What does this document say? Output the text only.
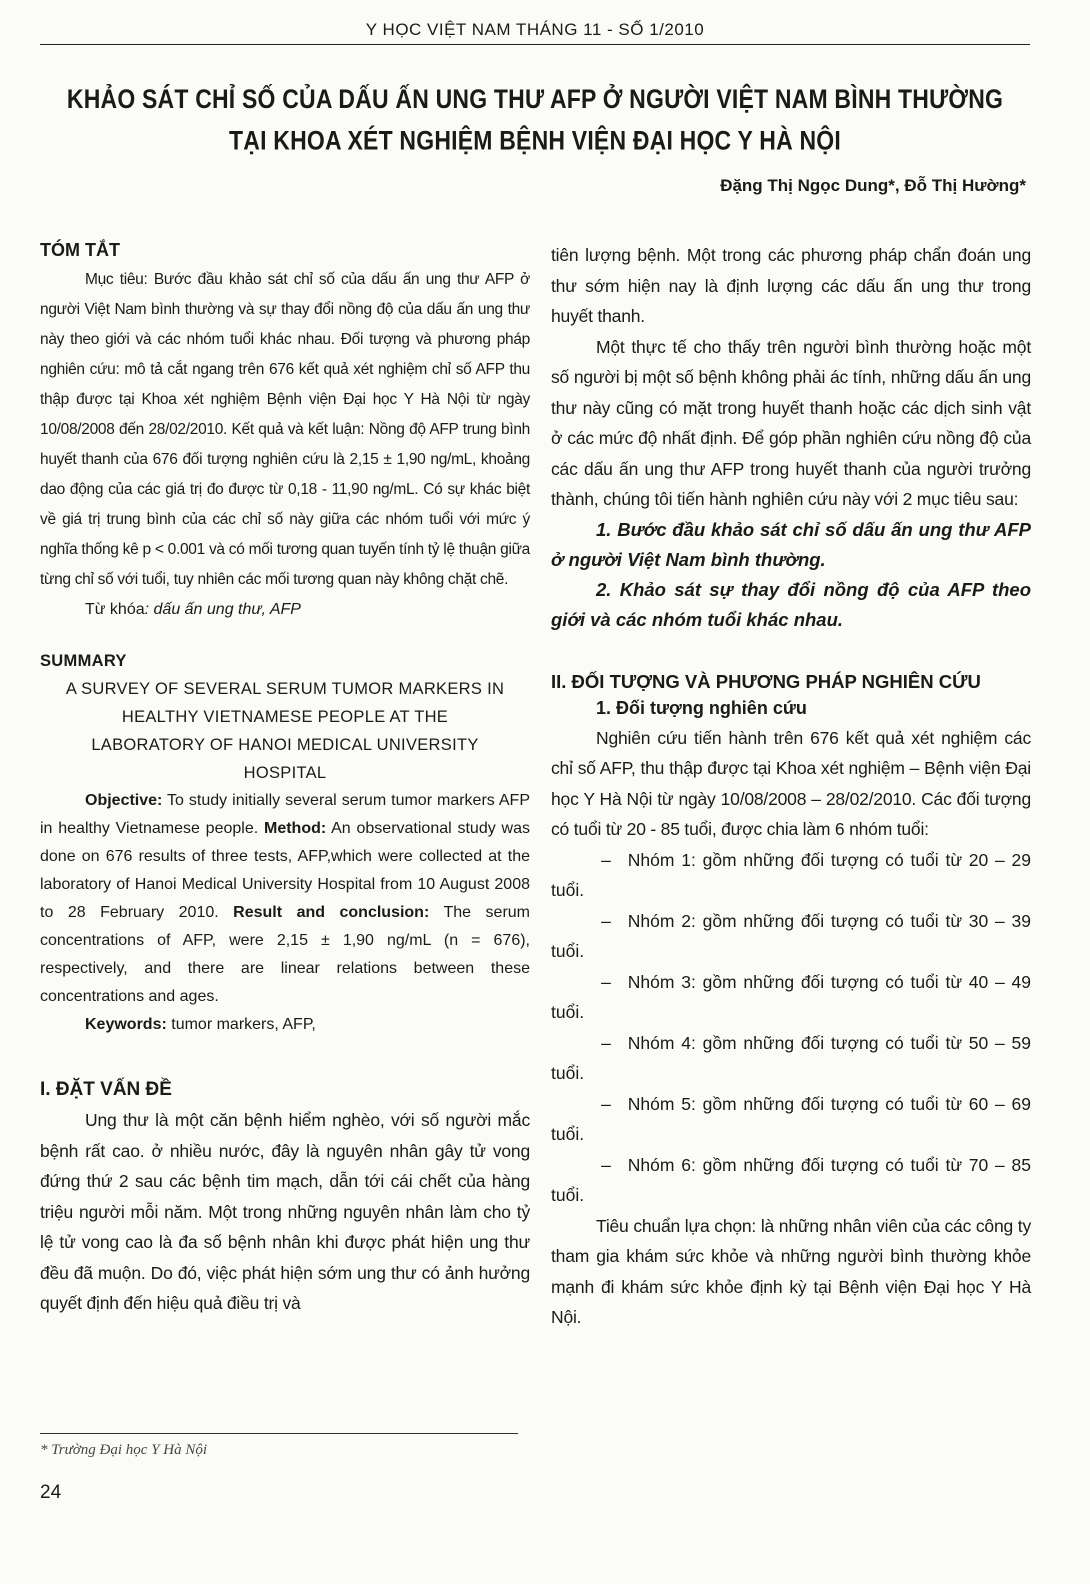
Y HỌC VIỆT NAM THÁNG 11 - SỐ 1/2010
KHẢO SÁT CHỈ SỐ CỦA DẤU ẤN UNG THƯ AFP Ở NGƯỜI VIỆT NAM BÌNH THƯỜNG
TẠI KHOA XÉT NGHIỆM BỆNH VIỆN ĐẠI HỌC Y HÀ NỘI
Đặng Thị Ngọc Dung*, Đỗ Thị Hường*

TÓM TẮT

Mục tiêu: Bước đầu khảo sát chỉ số của dấu ấn ung thư AFP ở người Việt Nam bình thường và sự thay đổi nồng độ của dấu ấn ung thư này theo giới và các nhóm tuổi khác nhau. Đối tượng và phương pháp nghiên cứu: mô tả cắt ngang trên 676 kết quả xét nghiệm chỉ số AFP thu thập được tại Khoa xét nghiệm Bệnh viện Đại học Y Hà Nội từ ngày 10/08/2008 đến 28/02/2010. Kết quả và kết luận: Nồng độ AFP trung bình huyết thanh của 676 đối tượng nghiên cứu là 2,15 ± 1,90 ng/mL, khoảng dao động của các giá trị đo được từ 0,18 - 11,90 ng/mL. Có sự khác biệt về giá trị trung bình của các chỉ số này giữa các nhóm tuổi với mức ý nghĩa thống kê p < 0.001 và có mối tương quan tuyến tính tỷ lệ thuận giữa từng chỉ số với tuổi, tuy nhiên các mối tương quan này không chặt chẽ.

Từ khóa: dấu ấn ung thư, AFP

SUMMARY

A SURVEY OF SEVERAL SERUM TUMOR MARKERS IN

HEALTHY VIETNAMESE PEOPLE AT THE

LABORATORY OF HANOI MEDICAL UNIVERSITY

HOSPITAL

Objective: To study initially several serum tumor markers AFP in healthy Vietnamese people. Method: An observational study was done on 676 results of three tests, AFP,which were collected at the laboratory of Hanoi Medical University Hospital from 10 August 2008 to 28 February 2010. Result and conclusion: The serum concentrations of AFP, were 2,15 ± 1,90 ng/mL (n = 676), respectively, and there are linear relations between these concentrations and ages.

Keywords: tumor markers, AFP,

I. ĐẶT VẤN ĐỀ

Ung thư là một căn bệnh hiểm nghèo, với số người mắc bệnh rất cao. ở nhiều nước, đây là nguyên nhân gây tử vong đứng thứ 2 sau các bệnh tim mạch, dẫn tới cái chết của hàng triệu người mỗi năm. Một trong những nguyên nhân làm cho tỷ lệ tử vong cao là đa số bệnh nhân khi được phát hiện ung thư đều đã muộn. Do đó, việc phát hiện sớm ung thư có ảnh hưởng quyết định đến hiệu quả điều trị và

tiên lượng bệnh. Một trong các phương pháp chẩn đoán ung thư sớm hiện nay là định lượng các dấu ấn ung thư trong huyết thanh.

Một thực tế cho thấy trên người bình thường hoặc một số người bị một số bệnh không phải ác tính, những dấu ấn ung thư này cũng có mặt trong huyết thanh hoặc các dịch sinh vật ở các mức độ nhất định. Để góp phần nghiên cứu nồng độ của các dấu ấn ung thư AFP trong huyết thanh của người trưởng thành, chúng tôi tiến hành nghiên cứu này với 2 mục tiêu sau:

1. Bước đầu khảo sát chỉ số dấu ấn ung thư AFP ở người Việt Nam bình thường.

2. Khảo sát sự thay đổi nồng độ của AFP theo giới và các nhóm tuổi khác nhau.

II. ĐỐI TƯỢNG VÀ PHƯƠNG PHÁP NGHIÊN CỨU

1. Đối tượng nghiên cứu

Nghiên cứu tiến hành trên 676 kết quả xét nghiệm các chỉ số AFP, thu thập được tại Khoa xét nghiệm – Bệnh viện Đại học Y Hà Nội từ ngày 10/08/2008 – 28/02/2010. Các đối tượng có tuổi từ 20 - 85 tuổi, được chia làm 6 nhóm tuổi:

– Nhóm 1: gồm những đối tượng có tuổi từ 20 – 29 tuổi.

– Nhóm 2: gồm những đối tượng có tuổi từ 30 – 39 tuổi.

– Nhóm 3: gồm những đối tượng có tuổi từ 40 – 49 tuổi.

– Nhóm 4: gồm những đối tượng có tuổi từ 50 – 59 tuổi.

– Nhóm 5: gồm những đối tượng có tuổi từ 60 – 69 tuổi.

– Nhóm 6: gồm những đối tượng có tuổi từ 70 – 85 tuổi.

Tiêu chuẩn lựa chọn: là những nhân viên của các công ty tham gia khám sức khỏe và những người bình thường khỏe mạnh đi khám sức khỏe định kỳ tại Bệnh viện Đại học Y Hà Nội.

* Trường Đại học Y Hà Nội
24
